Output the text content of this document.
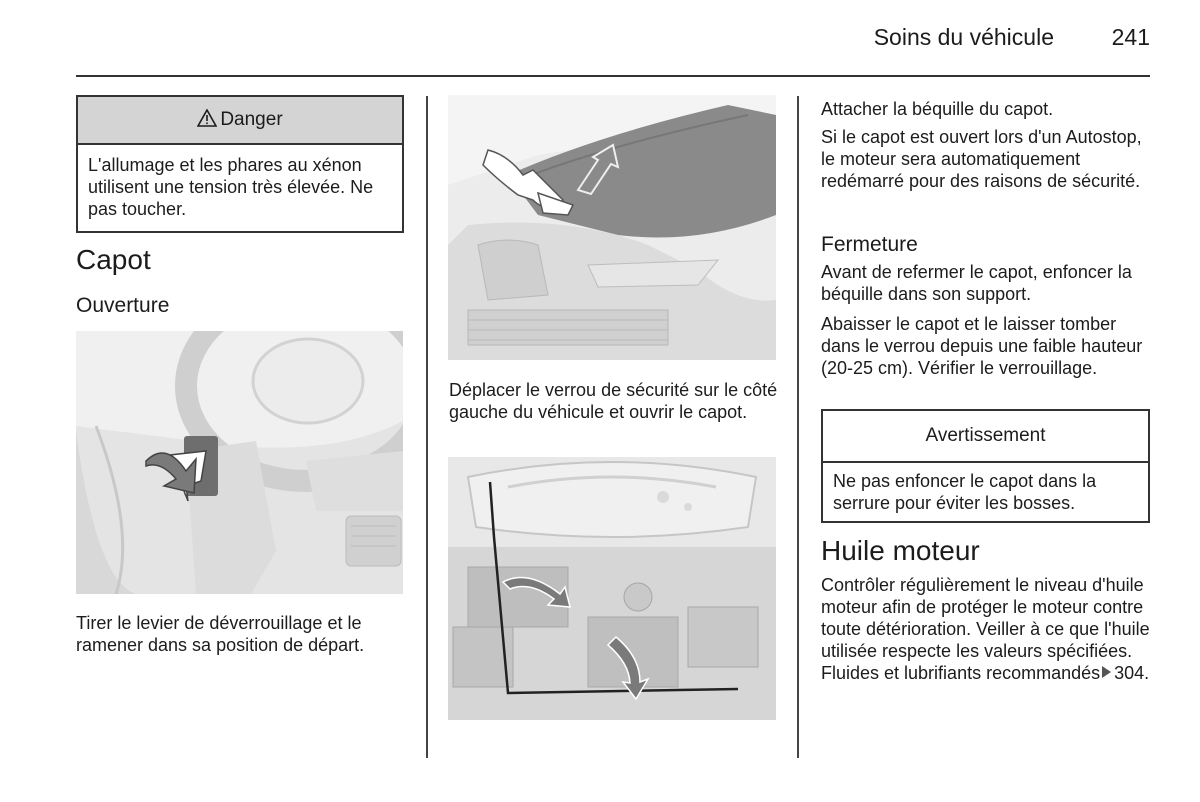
Soins du véhicule	241
Danger
L'allumage et les phares au xénon utilisent une tension très élevée. Ne pas toucher.
Capot
Ouverture
Tirer le levier de déverrouillage et le ramener dans sa position de départ.
Déplacer le verrou de sécurité sur le côté gauche du véhicule et ouvrir le capot.
Attacher la béquille du capot.
Si le capot est ouvert lors d'un Autostop, le moteur sera automatiquement redémarré pour des raisons de sécurité.
Fermeture
Avant de refermer le capot, enfoncer la béquille dans son support.
Abaisser le capot et le laisser tomber dans le verrou depuis une faible hauteur (20-25 cm). Vérifier le verrouillage.
Avertissement
Ne pas enfoncer le capot dans la serrure pour éviter les bosses.
Huile moteur
Contrôler régulièrement le niveau d'huile moteur afin de protéger le moteur contre toute détérioration. Veiller à ce que l'huile utilisée respecte les valeurs spécifiées. Fluides et lubrifiants recommandés 304.
